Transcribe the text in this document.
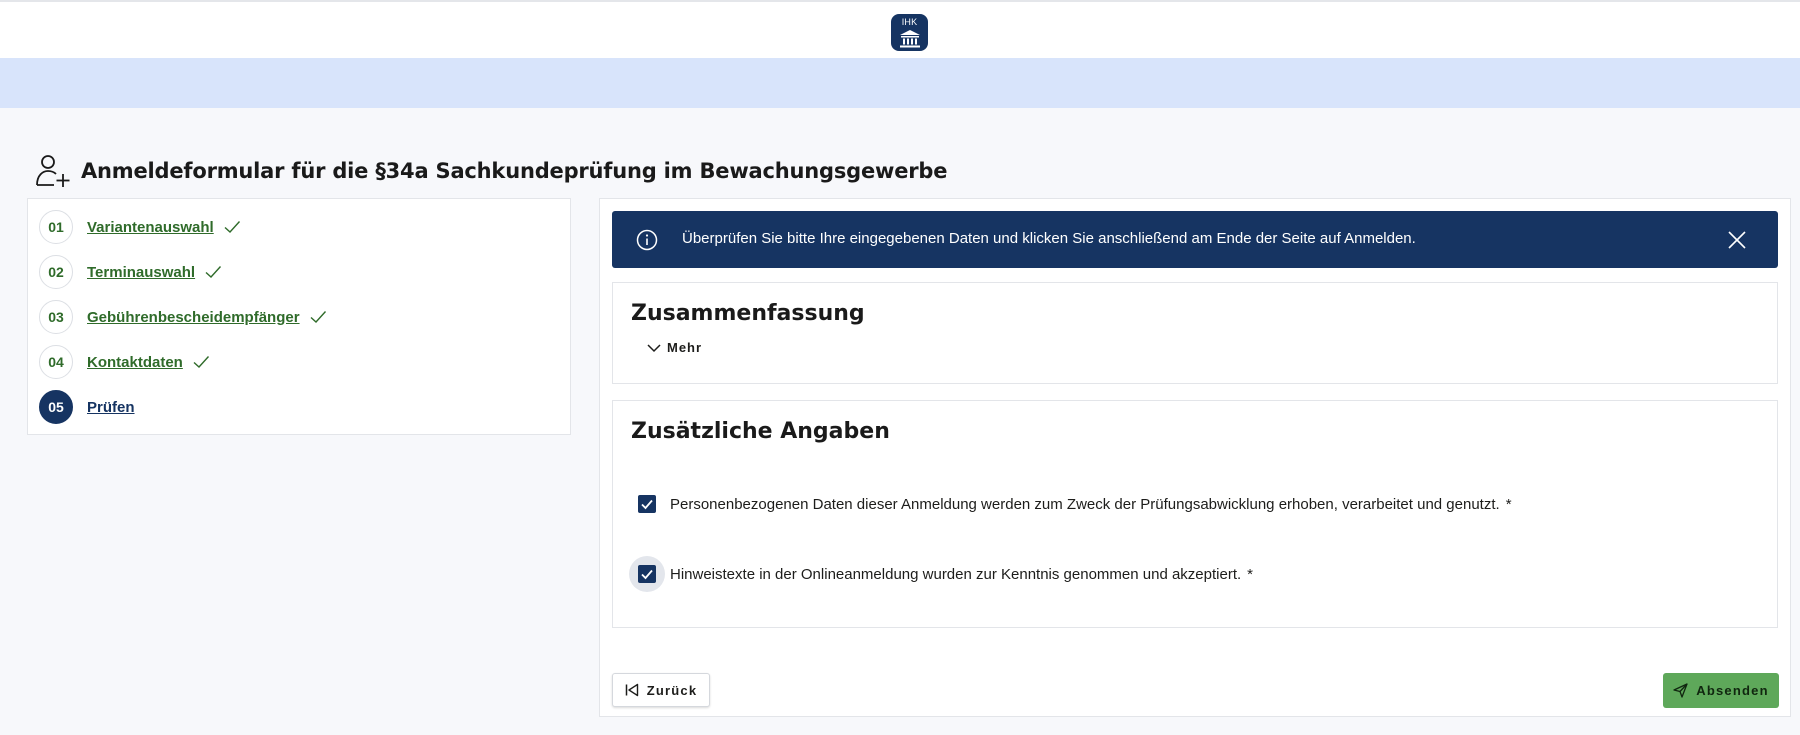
IHK
Anmeldeformular für die §34a Sachkundeprüfung im Bewachungsgewerbe
01	Variantenauswahl
02	Terminauswahl
03	Gebührenbescheidempfänger
04	Kontaktdaten
05	Prüfen
Überprüfen Sie bitte Ihre eingegebenen Daten und klicken Sie anschließend am Ende der Seite auf Anmelden.
Zusammenfassung
Mehr
Zusätzliche Angaben
Personenbezogenen Daten dieser Anmeldung werden zum Zweck der Prüfungsabwicklung erhoben, verarbeitet und genutzt. *
Hinweistexte in der Onlineanmeldung wurden zur Kenntnis genommen und akzeptiert. *
Zurück	Absenden
